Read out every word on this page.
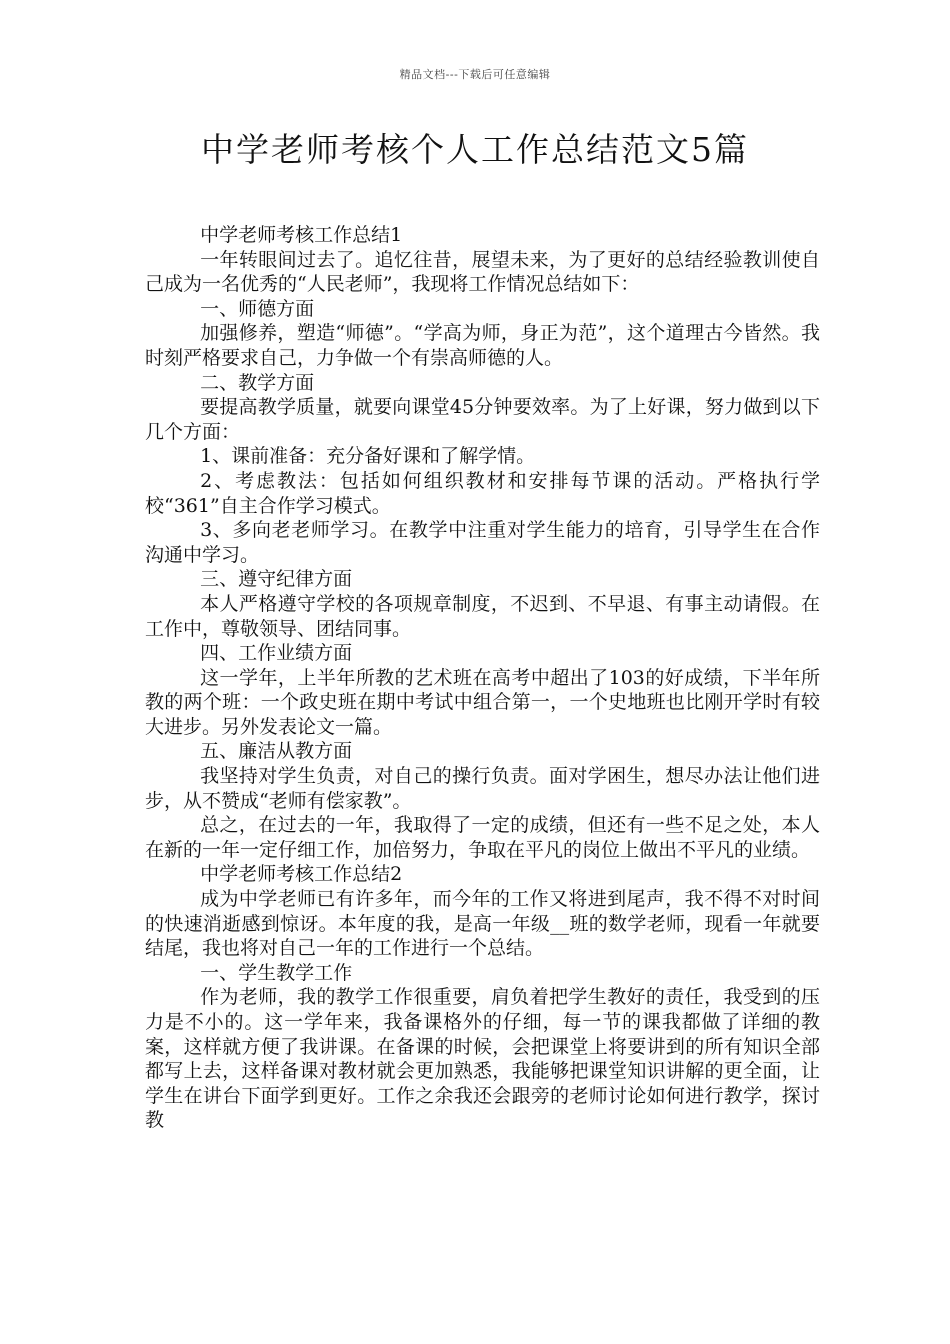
精品文档---下载后可任意编辑
中学老师考核个人工作总结范文5篇

中学老师考核工作总结1

一年转眼间过去了。追忆往昔，展望未来，为了更好的总结经验教训使自己成为一名优秀的“人民老师”，我现将工作情况总结如下：

一、师德方面

加强修养，塑造“师德”。“学高为师，身正为范”，这个道理古今皆然。我时刻严格要求自己，力争做一个有崇高师德的人。

二、教学方面

要提高教学质量，就要向课堂45分钟要效率。为了上好课，努力做到以下几个方面：

1、课前准备：充分备好课和了解学情。

2、考虑教法：包括如何组织教材和安排每节课的活动。严格执行学校“361”自主合作学习模式。

3、多向老老师学习。在教学中注重对学生能力的培育，引导学生在合作沟通中学习。

三、遵守纪律方面

本人严格遵守学校的各项规章制度，不迟到、不早退、有事主动请假。在工作中，尊敬领导、团结同事。

四、工作业绩方面

这一学年，上半年所教的艺术班在高考中超出了103的好成绩，下半年所教的两个班：一个政史班在期中考试中组合第一，一个史地班也比刚开学时有较大进步。另外发表论文一篇。

五、廉洁从教方面

我坚持对学生负责，对自己的操行负责。面对学困生，想尽办法让他们进步，从不赞成“老师有偿家教”。

总之，在过去的一年，我取得了一定的成绩，但还有一些不足之处，本人在新的一年一定仔细工作，加倍努力，争取在平凡的岗位上做出不平凡的业绩。

中学老师考核工作总结2

成为中学老师已有许多年，而今年的工作又将进到尾声，我不得不对时间的快速消逝感到惊讶。本年度的我，是高一年级__班的数学老师，现看一年就要结尾，我也将对自己一年的工作进行一个总结。

一、学生教学工作

作为老师，我的教学工作很重要，肩负着把学生教好的责任，我受到的压力是不小的。这一学年来，我备课格外的仔细，每一节的课我都做了详细的教案，这样就方便了我讲课。在备课的时候，会把课堂上将要讲到的所有知识全部都写上去，这样备课对教材就会更加熟悉，我能够把课堂知识讲解的更全面，让学生在讲台下面学到更好。工作之余我还会跟旁的老师讨论如何进行教学，探讨教
